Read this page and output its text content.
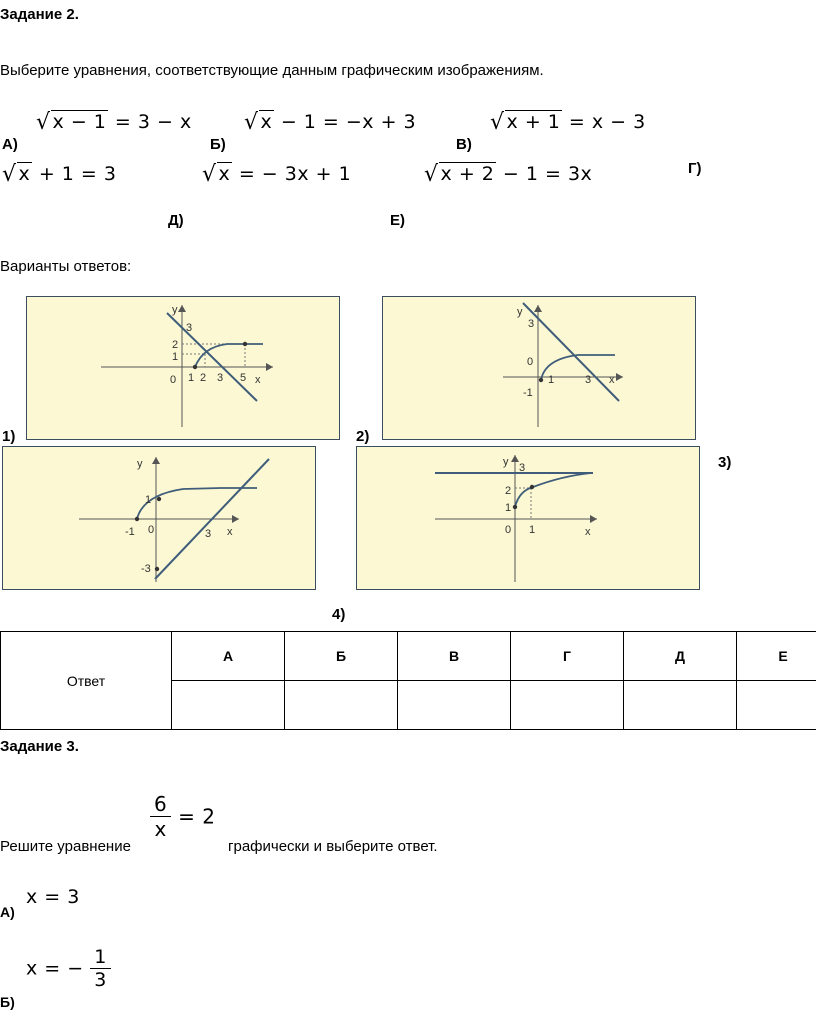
Задание 2.
Выберите уравнения, соответствующие данным графическим изображениям.
√ x − 1 = 3 − x
А)
√ x − 1 = −x + 3
Б)
√ x + 1 = x − 3
В)
√ x + 1 = 3	Г)
√ x = − 3x + 1
Д)
√ x + 2 − 1 = 3x
Е)
Варианты ответов:
y
x
0 1 2 3 5
1
2
3
1)
y
x
0
1	3
3
-1
2)
y
x
0
-1	3
1
-3
y
x
0 1
1
2
3	3)
4)
Ответ	А	Б	В	Г	Д	Е

Задание 3.
$\frac{6}{x} = 2$
Решите уравнение	графически и выберите ответ.
x = 3
А)
x = − $\frac{1}{3}$
Б)
